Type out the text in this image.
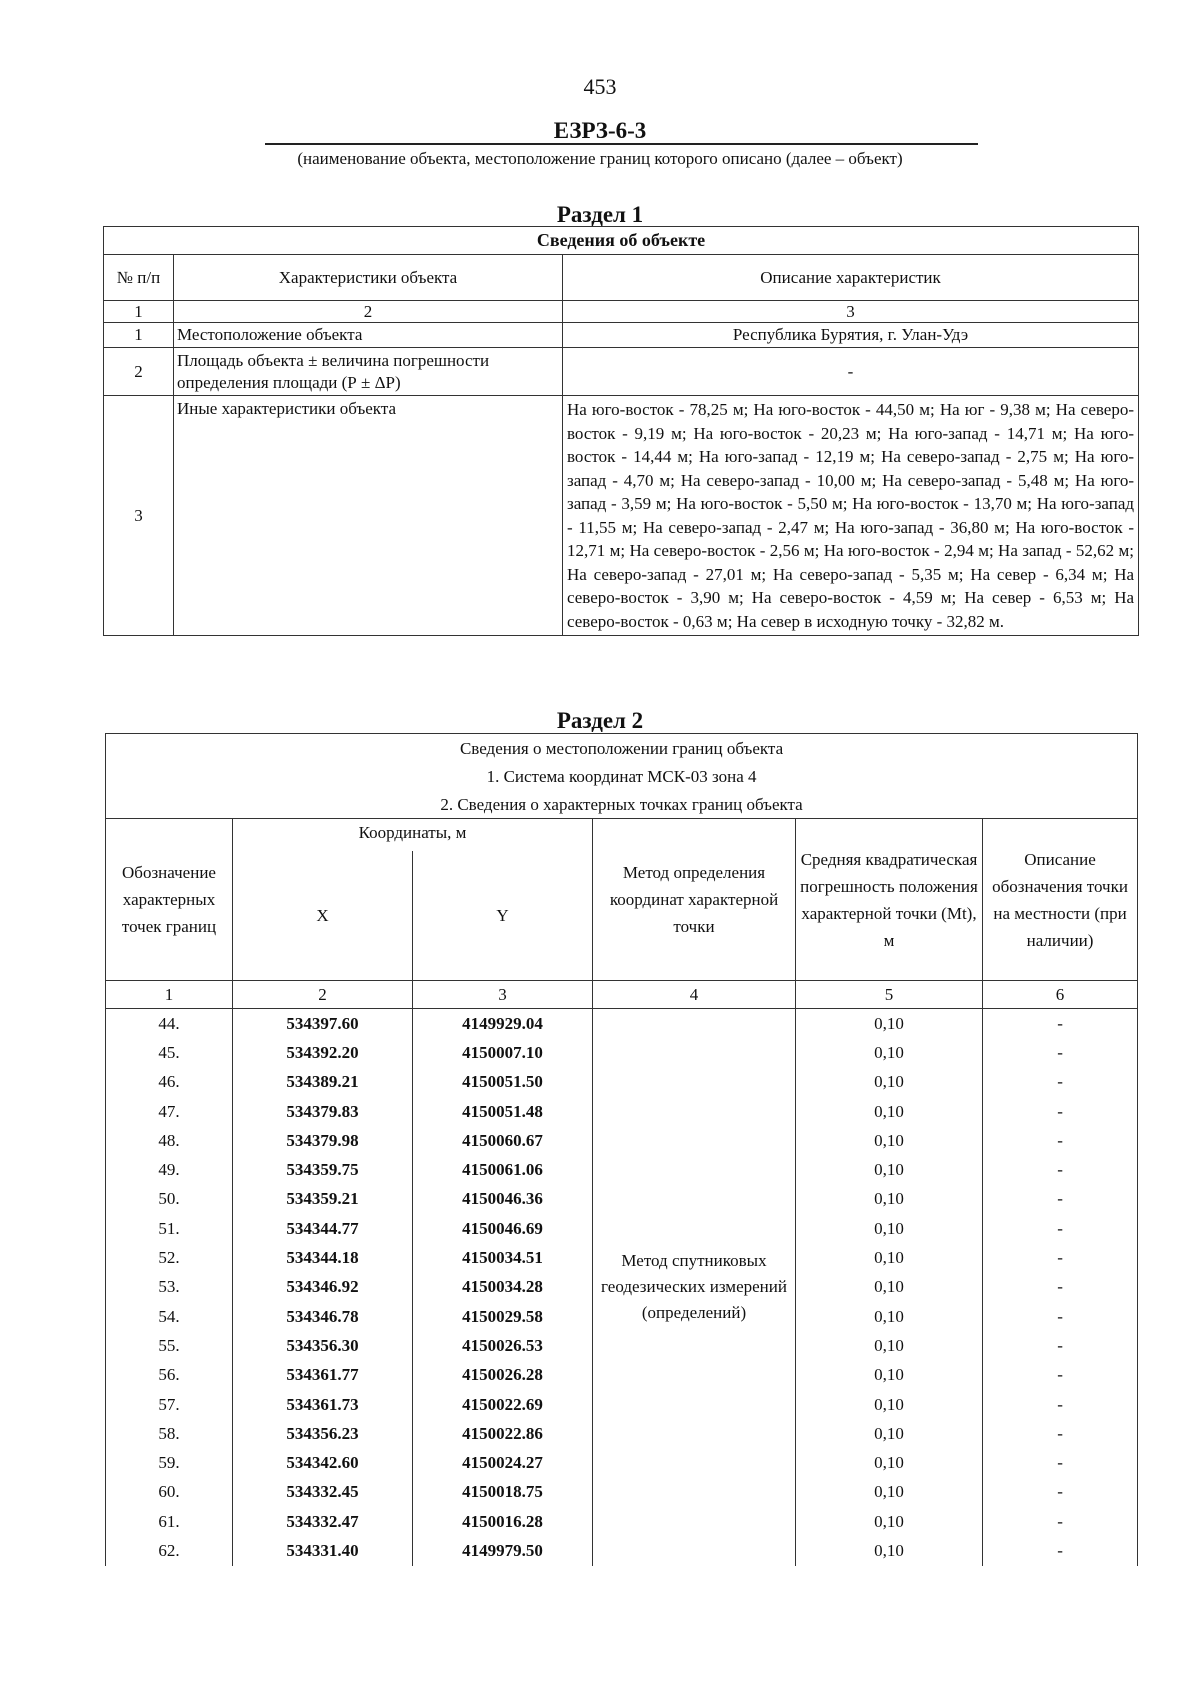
453
ЕЗРЗ-6-3
(наименование объекта, местоположение границ которого описано (далее – объект)
Раздел 1
Сведения об объекте		
№ п/п	Характеристики объекта	Описание характеристик
1	2	3
1	Местоположение объекта	Республика Бурятия, г. Улан-Удэ
2	Площадь объекта ± величина погрешности определения площади (Р ± ΔР)	-
3	Иные характеристики объекта	На юго-восток - 78,25 м; На юго-восток - 44,50 м; На юг - 9,38 м; На северо-восток - 9,19 м; На юго-восток - 20,23 м; На юго-запад - 14,71 м; На юго-восток - 14,44 м; На юго-запад - 12,19 м; На северо-запад - 2,75 м; На юго-запад - 4,70 м; На северо-запад - 10,00 м; На северо-запад - 5,48 м; На юго-запад - 3,59 м; На юго-восток - 5,50 м; На юго-восток - 13,70 м; На юго-запад - 11,55 м; На северо-запад - 2,47 м; На юго-запад - 36,80 м; На юго-восток - 12,71 м; На северо-восток - 2,56 м; На юго-восток - 2,94 м; На запад - 52,62 м; На северо-запад - 27,01 м; На северо-запад - 5,35 м; На север - 6,34 м; На северо-восток - 3,90 м; На северо-восток - 4,59 м; На север - 6,53 м; На северо-восток - 0,63 м; На север в исходную точку - 32,82 м.
Раздел 2
Сведения о местоположении границ объекта					
1. Система координат МСК-03 зона 4					
2. Сведения о характерных точках границ объекта					
Обозначение характерных точек границ	Координаты, м		Метод определения координат характерной точки	Средняя квадратическая погрешность положения характерной точки (Mt), м	Описание обозначения точки на местности (при наличии)
	X	Y			
1	2	3	4	5	6
44.	534397.60	4149929.04	Метод спутниковых геодезических измерений (определений)	0,10	-
45.	534392.20	4150007.10		0,10	-
46.	534389.21	4150051.50		0,10	-
47.	534379.83	4150051.48		0,10	-
48.	534379.98	4150060.67		0,10	-
49.	534359.75	4150061.06		0,10	-
50.	534359.21	4150046.36		0,10	-
51.	534344.77	4150046.69		0,10	-
52.	534344.18	4150034.51		0,10	-
53.	534346.92	4150034.28		0,10	-
54.	534346.78	4150029.58		0,10	-
55.	534356.30	4150026.53		0,10	-
56.	534361.77	4150026.28		0,10	-
57.	534361.73	4150022.69		0,10	-
58.	534356.23	4150022.86		0,10	-
59.	534342.60	4150024.27		0,10	-
60.	534332.45	4150018.75		0,10	-
61.	534332.47	4150016.28		0,10	-
62.	534331.40	4149979.50		0,10	-
